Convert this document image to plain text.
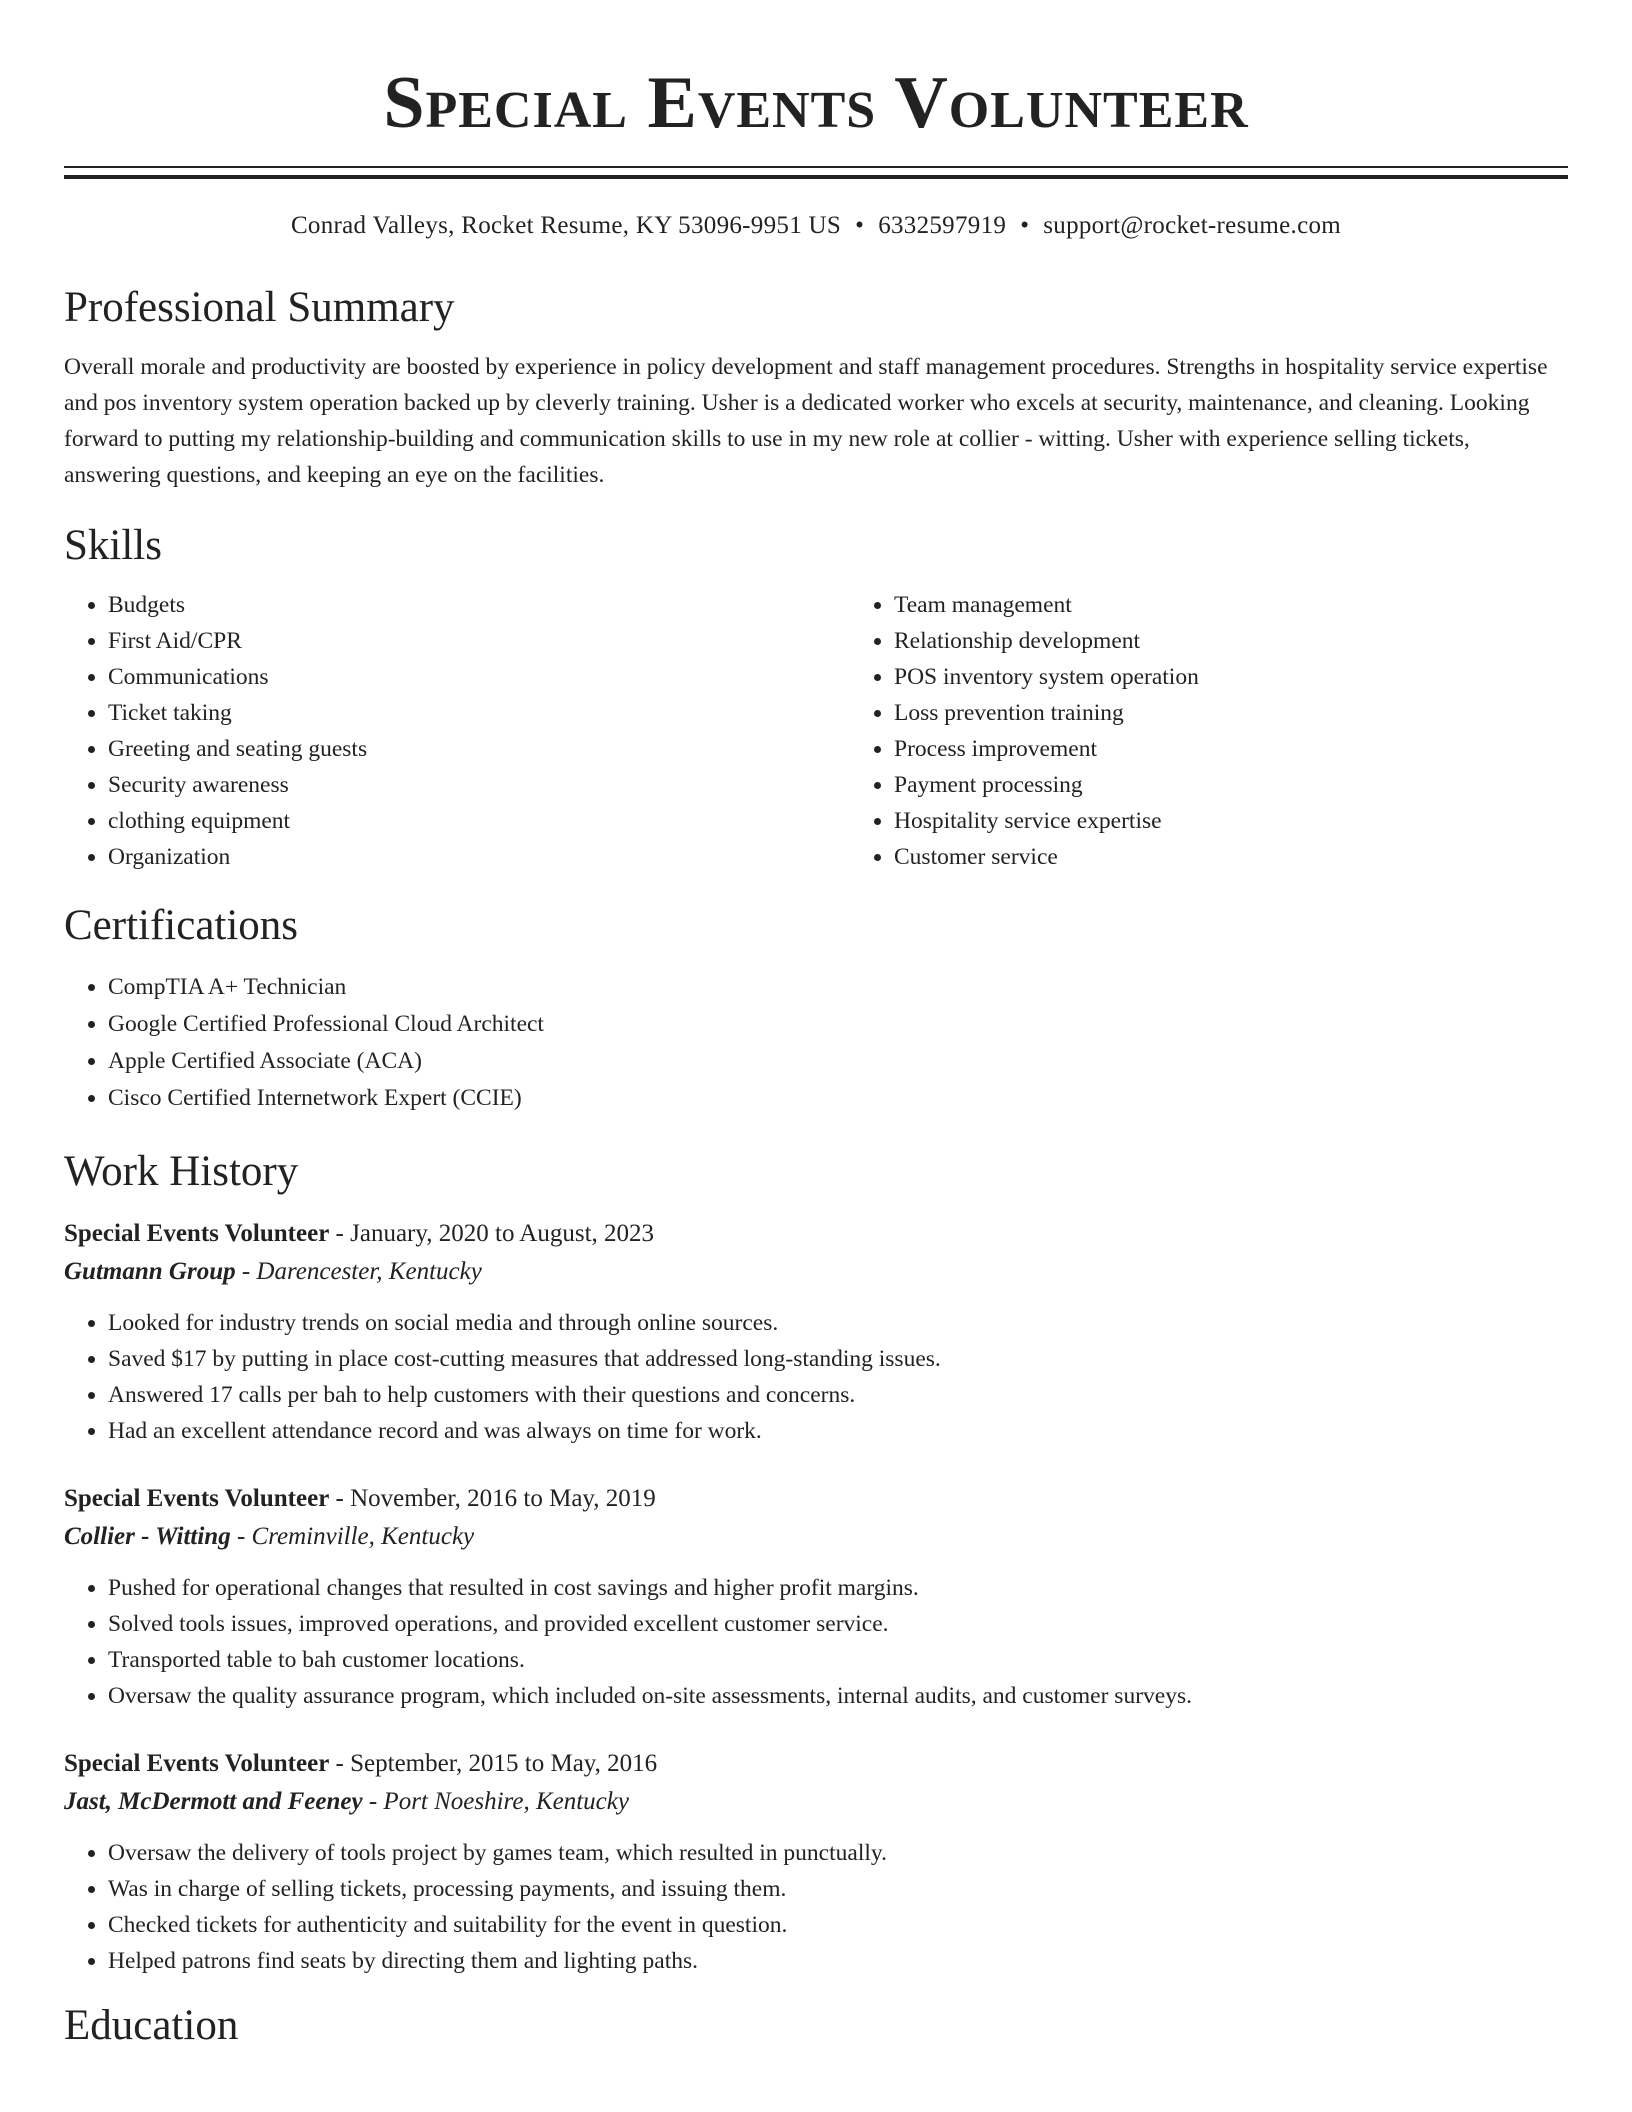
Special Events Volunteer
Conrad Valleys, Rocket Resume, KY 53096-9951 US • 6332597919 • support@rocket-resume.com
Professional Summary

Overall morale and productivity are boosted by experience in policy development and staff management procedures. Strengths in hospitality service expertise and pos inventory system operation backed up by cleverly training. Usher is a dedicated worker who excels at security, maintenance, and cleaning. Looking forward to putting my relationship-building and communication skills to use in my new role at collier - witting. Usher with experience selling tickets, answering questions, and keeping an eye on the facilities.

Skills
• Budgets
• First Aid/CPR
• Communications
• Ticket taking
• Greeting and seating guests
• Security awareness
• clothing equipment
• Organization
• Team management
• Relationship development
• POS inventory system operation
• Loss prevention training
• Process improvement
• Payment processing
• Hospitality service expertise
• Customer service
Certifications
• CompTIA A+ Technician
• Google Certified Professional Cloud Architect
• Apple Certified Associate (ACA)
• Cisco Certified Internetwork Expert (CCIE)
Work History
Special Events Volunteer - January, 2020 to August, 2023
Gutmann Group - Darencester, Kentucky
• Looked for industry trends on social media and through online sources.
• Saved $17 by putting in place cost-cutting measures that addressed long-standing issues.
• Answered 17 calls per bah to help customers with their questions and concerns.
• Had an excellent attendance record and was always on time for work.
Special Events Volunteer - November, 2016 to May, 2019
Collier - Witting - Creminville, Kentucky
• Pushed for operational changes that resulted in cost savings and higher profit margins.
• Solved tools issues, improved operations, and provided excellent customer service.
• Transported table to bah customer locations.
• Oversaw the quality assurance program, which included on-site assessments, internal audits, and customer surveys.
Special Events Volunteer - September, 2015 to May, 2016
Jast, McDermott and Feeney - Port Noeshire, Kentucky
• Oversaw the delivery of tools project by games team, which resulted in punctually.
• Was in charge of selling tickets, processing payments, and issuing them.
• Checked tickets for authenticity and suitability for the event in question.
• Helped patrons find seats by directing them and lighting paths.
Education
